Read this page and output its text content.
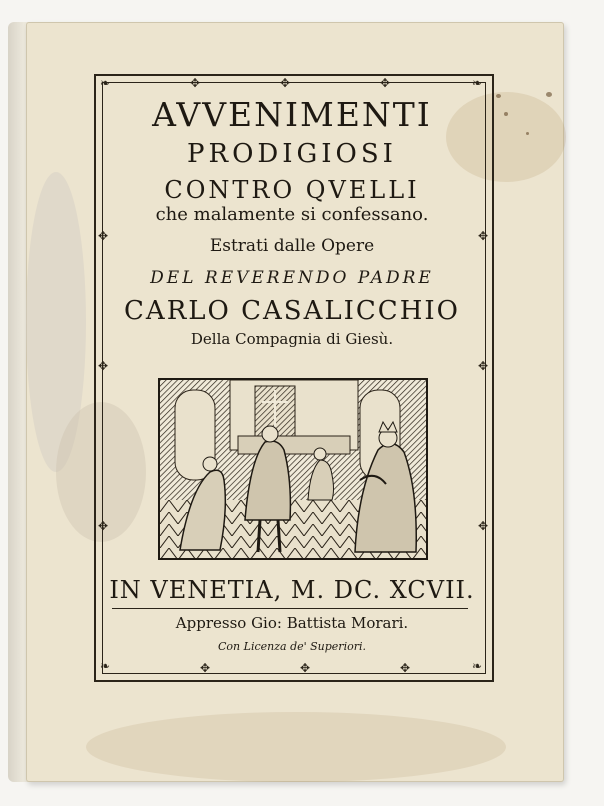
❧	✥	✥	✥	❧
❧	✥	✥	✥	❧
✥
✥
✥
✥
✥
✥
AVVENIMENTI
PRODIGIOSI
CONTRO QVELLI
che malamente si confessano.
Estrati dalle Opere
DEL REVERENDO PADRE
CARLO CASALICCHIO
Della Compagnia di Giesù.
IN VENETIA, M. DC. XCVII.
Appresso Gio: Battista Morari.
Con Licenza de' Superiori.
